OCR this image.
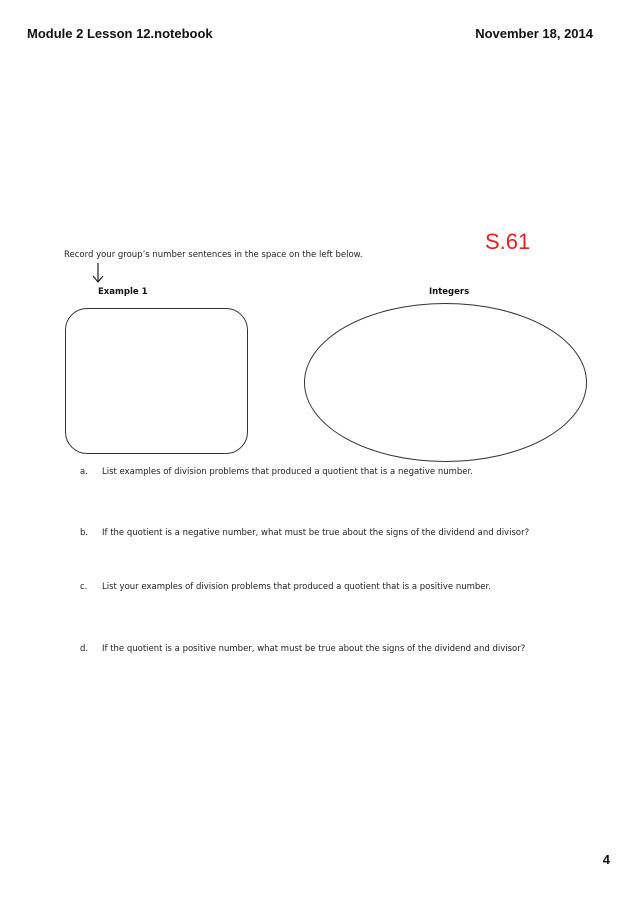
Module 2 Lesson 12.notebook	November 18, 2014
S.61
Record your group’s number sentences in the space on the left below.
Example 1	Integers
a.	List examples of division problems that produced a quotient that is a negative number.
b.	If the quotient is a negative number, what must be true about the signs of the dividend and divisor?
c.	List your examples of division problems that produced a quotient that is a positive number.
d.	If the quotient is a positive number, what must be true about the signs of the dividend and divisor?
4
